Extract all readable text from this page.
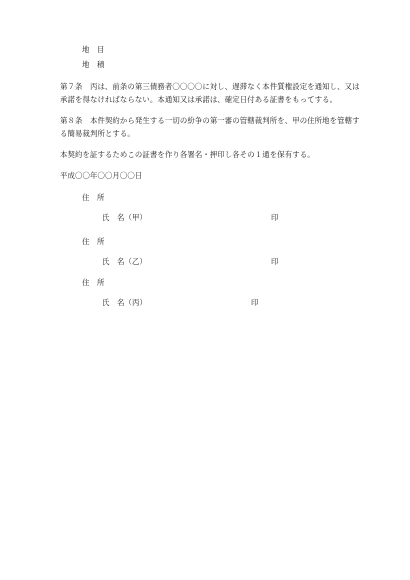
地　目
地　積
第７条　丙は、前条の第三債務者〇〇〇〇に対し、遅滞なく本件質権設定を通知し、又は
承諾を得なければならない。本通知又は承諾は、確定日付ある証書をもってする。
第８条　本件契約から発生する一切の紛争の第一審の管轄裁判所を、甲の住所地を管轄す
る簡易裁判所とする。
本契約を証するためこの証書を作り各署名・押印し各その１通を保有する。
平成〇〇年〇〇月〇〇日
住　所
氏　名（甲）	印
住　所
氏　名（乙）	印
住　所
氏　名（丙）	印
